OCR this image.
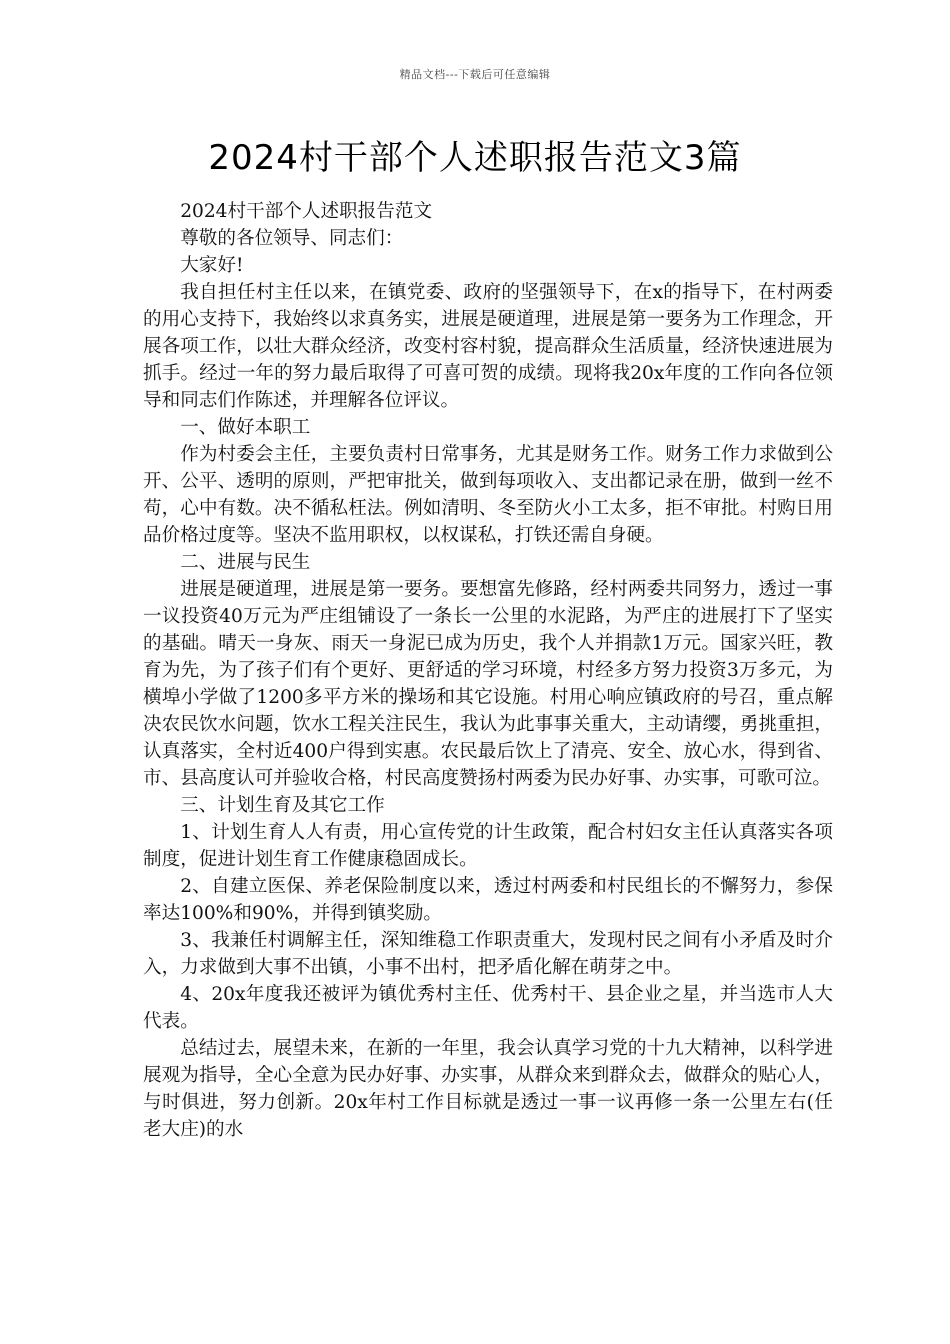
精品文档---下载后可任意编辑
2024村干部个人述职报告范文3篇

2024村干部个人述职报告范文

尊敬的各位领导、同志们：

大家好!

我自担任村主任以来，在镇党委、政府的坚强领导下，在x的指导下，在村两委的用心支持下，我始终以求真务实，进展是硬道理，进展是第一要务为工作理念，开展各项工作，以壮大群众经济，改变村容村貌，提高群众生活质量，经济快速进展为抓手。经过一年的努力最后取得了可喜可贺的成绩。现将我20x年度的工作向各位领导和同志们作陈述，并理解各位评议。

一、做好本职工

作为村委会主任，主要负责村日常事务，尤其是财务工作。财务工作力求做到公开、公平、透明的原则，严把审批关，做到每项收入、支出都记录在册，做到一丝不苟，心中有数。决不循私枉法。例如清明、冬至防火小工太多，拒不审批。村购日用品价格过度等。坚决不监用职权，以权谋私，打铁还需自身硬。

二、进展与民生

进展是硬道理，进展是第一要务。要想富先修路，经村两委共同努力，透过一事一议投资40万元为严庄组铺设了一条长一公里的水泥路，为严庄的进展打下了坚实的基础。晴天一身灰、雨天一身泥已成为历史，我个人并捐款1万元。国家兴旺，教育为先，为了孩子们有个更好、更舒适的学习环境，村经多方努力投资3万多元，为横埠小学做了1200多平方米的操场和其它设施。村用心响应镇政府的号召，重点解决农民饮水问题，饮水工程关注民生，我认为此事事关重大，主动请缨，勇挑重担，认真落实，全村近400户得到实惠。农民最后饮上了清亮、安全、放心水，得到省、市、县高度认可并验收合格，村民高度赞扬村两委为民办好事、办实事，可歌可泣。

三、计划生育及其它工作

1、计划生育人人有责，用心宣传党的计生政策，配合村妇女主任认真落实各项制度，促进计划生育工作健康稳固成长。

2、自建立医保、养老保险制度以来，透过村两委和村民组长的不懈努力，参保率达100%和90%，并得到镇奖励。

3、我兼任村调解主任，深知维稳工作职责重大，发现村民之间有小矛盾及时介入，力求做到大事不出镇，小事不出村，把矛盾化解在萌芽之中。

4、20x年度我还被评为镇优秀村主任、优秀村干、县企业之星，并当选市人大代表。

总结过去，展望未来，在新的一年里，我会认真学习党的十九大精神，以科学进展观为指导，全心全意为民办好事、办实事，从群众来到群众去，做群众的贴心人，与时俱进，努力创新。20x年村工作目标就是透过一事一议再修一条一公里左右(任老大庄)的水
